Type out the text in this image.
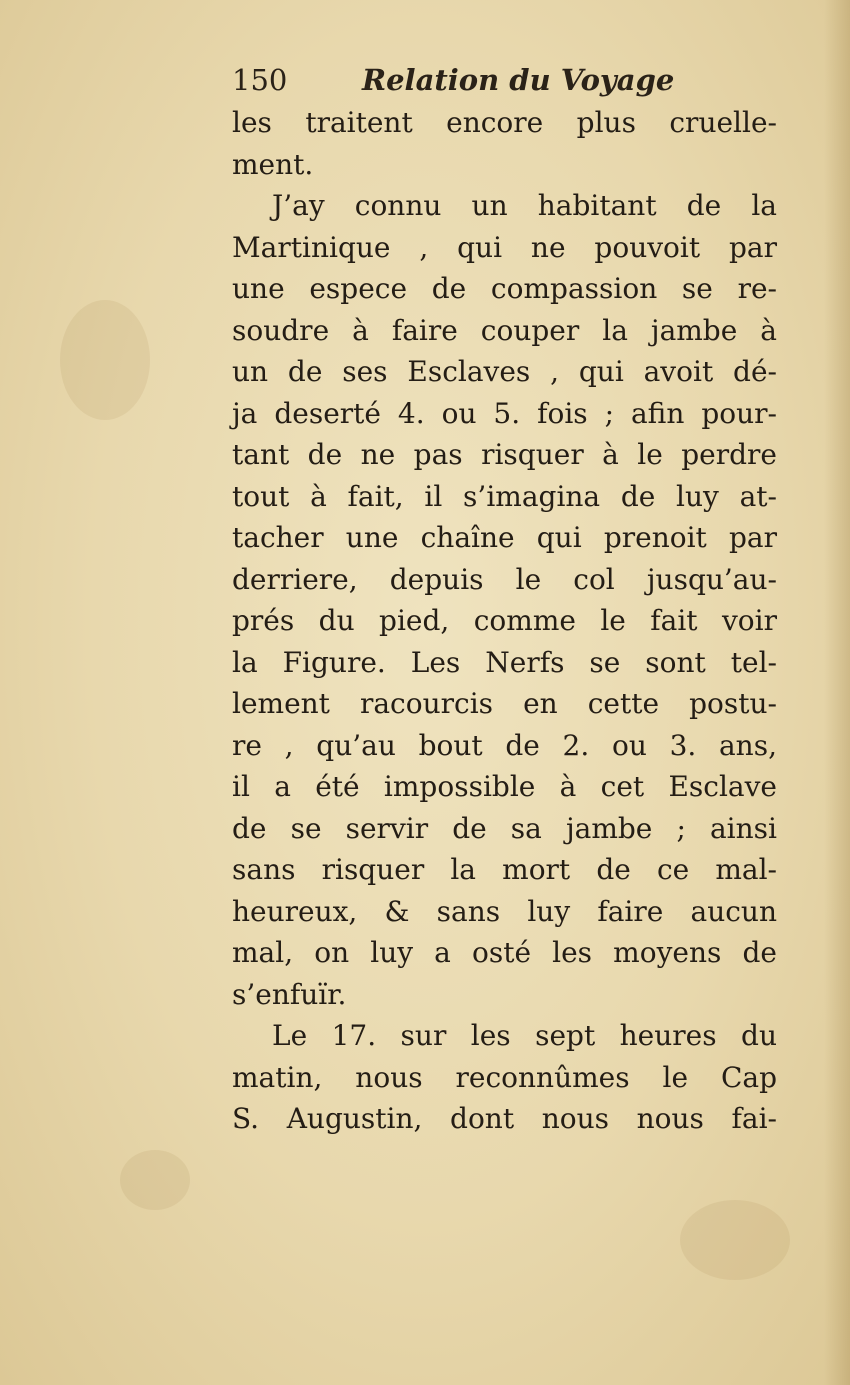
150	Relation du Voyage
les traitent encore plus cruelle-
ment.
J’ay connu un habitant de la
Martinique , qui ne pouvoit par
une espece de compassion se re-
soudre à faire couper la jambe à
un de ses Esclaves , qui avoit dé-
ja deserté 4. ou 5. fois ; afin pour-
tant de ne pas risquer à le perdre
tout à fait, il s’imagina de luy at-
tacher une chaîne qui prenoit par
derriere, depuis le col jusqu’au-
prés du pied, comme le fait voir
la Figure. Les Nerfs se sont tel-
lement racourcis en cette postu-
re , qu’au bout de 2. ou 3. ans,
il a été impossible à cet Esclave
de se servir de sa jambe ; ainsi
sans risquer la mort de ce mal-
heureux, & sans luy faire aucun
mal, on luy a osté les moyens de
s’enfuïr.
Le 17. sur les sept heures du
matin, nous reconnûmes le Cap
S. Augustin, dont nous nous fai-
